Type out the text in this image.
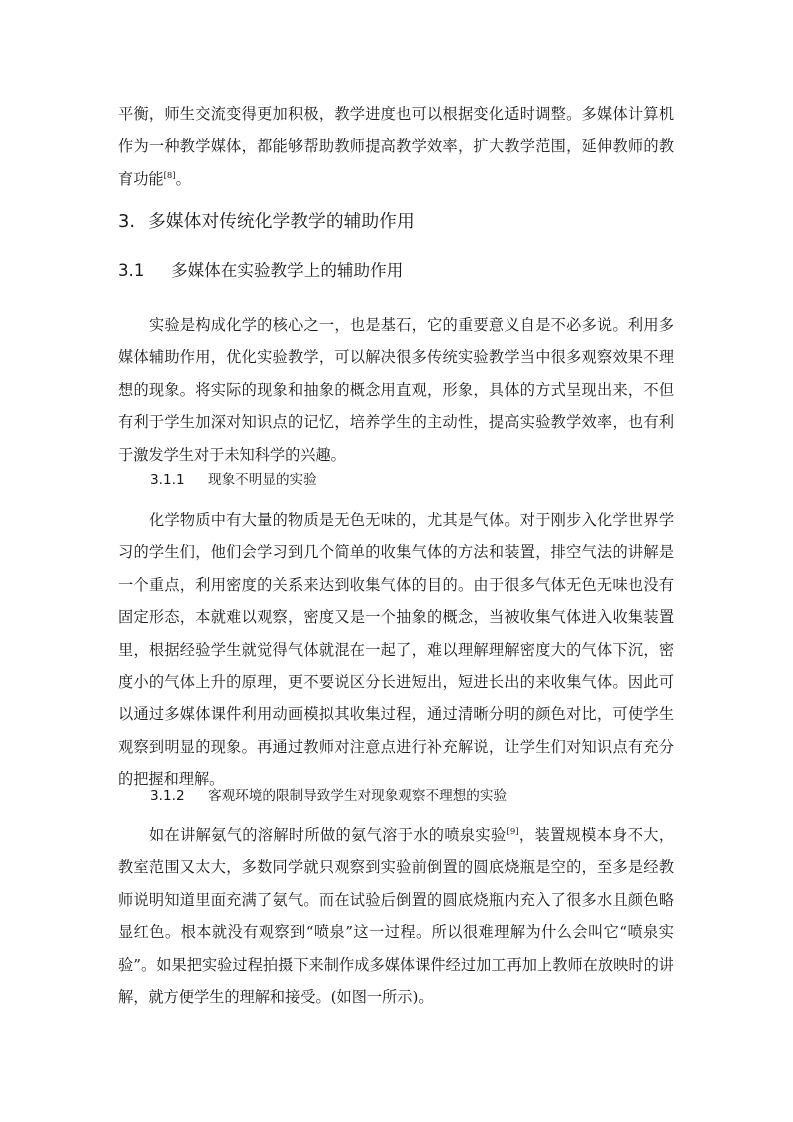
平衡，师生交流变得更加积极，教学进度也可以根据变化适时调整。多媒体计算机作为一种教学媒体，都能够帮助教师提高教学效率，扩大教学范围，延伸教师的教育功能[8]。

3. 多媒体对传统化学教学的辅助作用
3.1 多媒体在实验教学上的辅助作用

实验是构成化学的核心之一，也是基石，它的重要意义自是不必多说。利用多媒体辅助作用，优化实验教学，可以解决很多传统实验教学当中很多观察效果不理想的现象。将实际的现象和抽象的概念用直观，形象，具体的方式呈现出来，不但有利于学生加深对知识点的记忆，培养学生的主动性，提高实验教学效率，也有利于激发学生对于未知科学的兴趣。

3.1.1 现象不明显的实验

化学物质中有大量的物质是无色无味的，尤其是气体。对于刚步入化学世界学习的学生们，他们会学习到几个简单的收集气体的方法和装置，排空气法的讲解是一个重点，利用密度的关系来达到收集气体的目的。由于很多气体无色无味也没有固定形态，本就难以观察，密度又是一个抽象的概念，当被收集气体进入收集装置里，根据经验学生就觉得气体就混在一起了，难以理解理解密度大的气体下沉，密度小的气体上升的原理，更不要说区分长进短出，短进长出的来收集气体。因此可以通过多媒体课件利用动画模拟其收集过程，通过清晰分明的颜色对比，可使学生观察到明显的现象。再通过教师对注意点进行补充解说，让学生们对知识点有充分的把握和理解。

3.1.2 客观环境的限制导致学生对现象观察不理想的实验

如在讲解氨气的溶解时所做的氨气溶于水的喷泉实验[9]，装置规模本身不大，教室范围又太大，多数同学就只观察到实验前倒置的圆底烧瓶是空的，至多是经教师说明知道里面充满了氨气。而在试验后倒置的圆底烧瓶内充入了很多水且颜色略显红色。根本就没有观察到“喷泉”这一过程。所以很难理解为什么会叫它“喷泉实验”。如果把实验过程拍摄下来制作成多媒体课件经过加工再加上教师在放映时的讲解，就方便学生的理解和接受。(如图一所示)。
